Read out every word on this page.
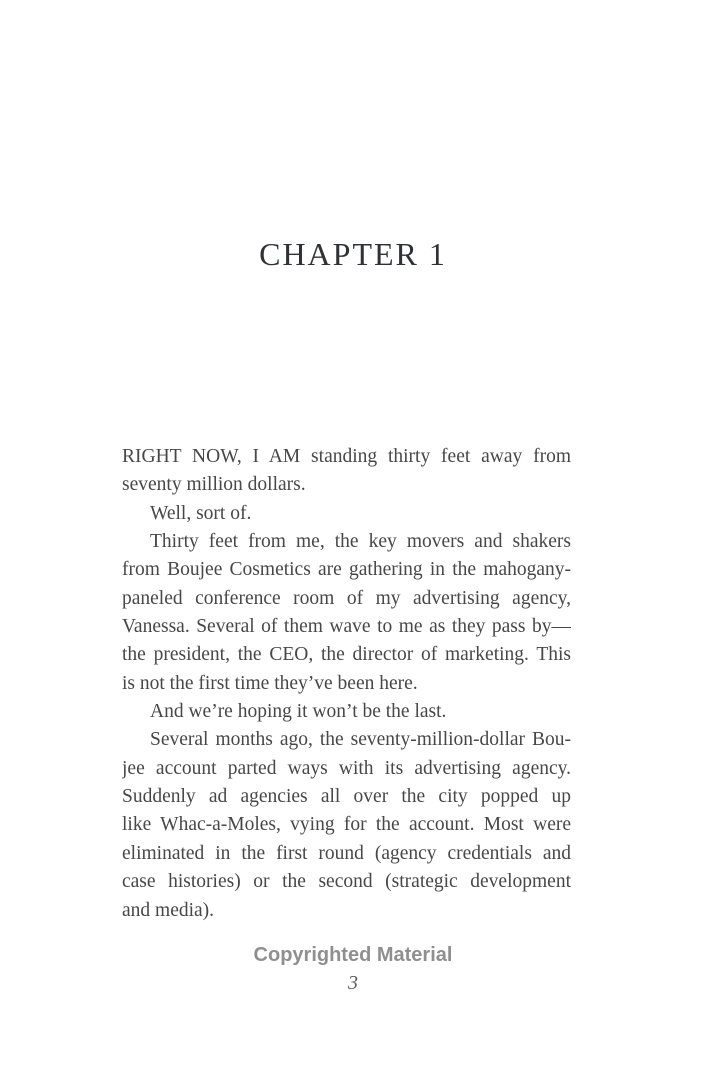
CHAPTER 1
RIGHT NOW, I AM standing thirty feet away from
seventy million dollars.
Well, sort of.
Thirty feet from me, the key movers and shakers
from Boujee Cosmetics are gathering in the mahogany-
paneled conference room of my advertising agency,
Vanessa. Several of them wave to me as they pass by—
the president, the CEO, the director of marketing. This
is not the first time they’ve been here.
And we’re hoping it won’t be the last.
Several months ago, the seventy-million-dollar Bou-
jee account parted ways with its advertising agency.
Suddenly ad agencies all over the city popped up
like Whac-a-Moles, vying for the account. Most were
eliminated in the first round (agency credentials and
case histories) or the second (strategic development
and media).
Copyrighted Material
3
